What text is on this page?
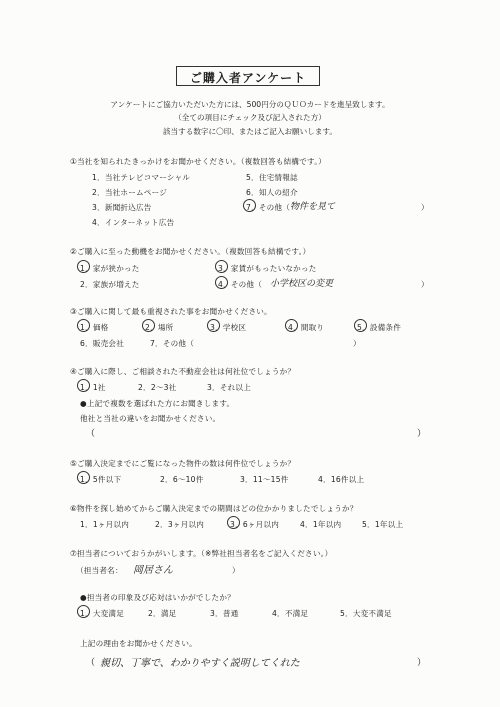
ご購入者アンケート
アンケートにご協力いただいた方には、500円分のＱＵＯカードを進呈致します。
（全ての項目にチェック及び記入された方）
該当する数字に〇印、またはご記入お願いします。
①当社を知られたきっかけをお聞かせください。（複数回答も結構です。）
1．当社テレビコマーシャル
2．当社ホームページ
3．新聞折込広告
4．インターネット広告
5．住宅情報誌
6．知人の紹介
7．その他（ 物件を見て	）
②ご購入に至った動機をお聞かせください。（複数回答も結構です。）
1．家が狭かった
2．家族が増えた
3．家賃がもったいなかった
4．その他（ 小学校区の変更	）
③ご購入に関して最も重視された事をお聞かせください。
1．価格	2．場所	3．学校区	4．間取り	5．設備条件
6．販売会社	7．その他（	）
④ご購入に際し、ご相談された不動産会社は何社位でしょうか？
1．1社	2．2～3社	3．それ以上
●上記で複数を選ばれた方にお聞きします。
他社と当社の違いをお聞かせください。
（	）
⑤ご購入決定までにご覧になった物件の数は何件位でしょうか？
1．5件以下	2．6～10件	3．11～15件	4．16件以上
⑥物件を探し始めてからご購入決定までの期間はどの位かかりましたでしょうか？
1．1ヶ月以内	2．3ヶ月以内	3．6ヶ月以内	4．1年以内	5．1年以上
⑦担当者についておうかがいします。（※弊社担当者名をご記入ください。）
（担当者名： 岡居さん	）
●担当者の印象及び応対はいかがでしたか？
1．大変満足	2．満足	3．普通	4．不満足	5．大変不満足
上記の理由をお聞かせください。
（ 親切、丁寧で、わかりやすく説明してくれた	）
